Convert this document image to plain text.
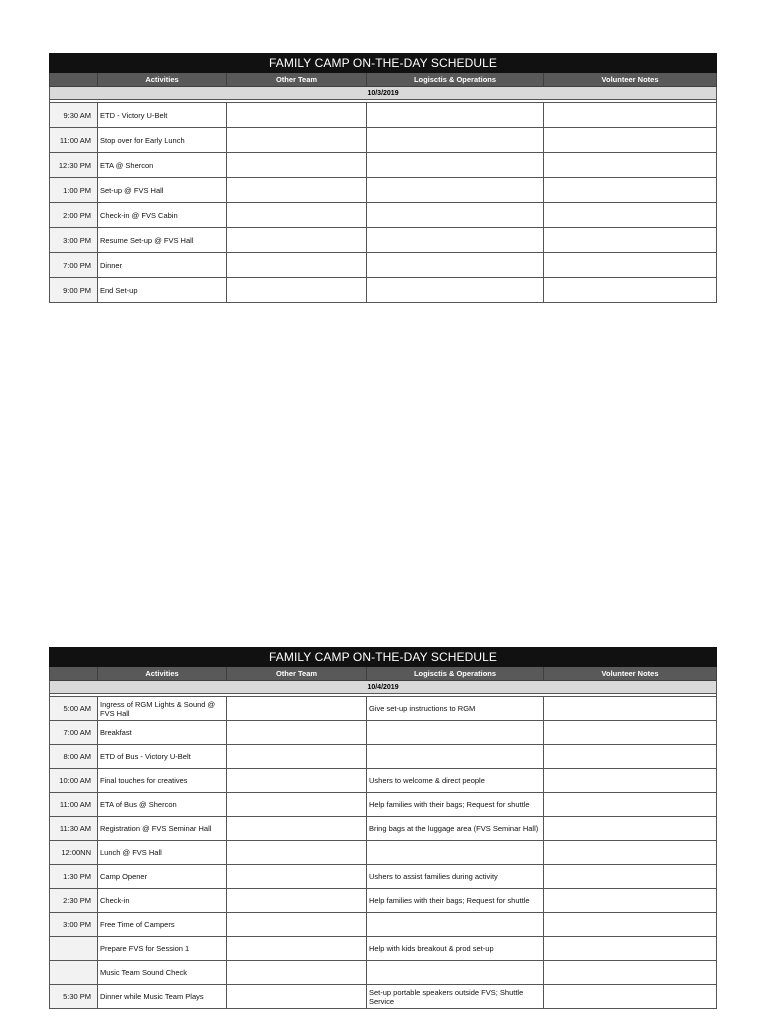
FAMILY CAMP ON-THE-DAY SCHEDULE				
	Activities	Other Team	Logisctis & Operations	Volunteer Notes
10/3/2019				

9:30 AM	ETD - Victory U-Belt			
11:00 AM	Stop over for Early Lunch			
12:30 PM	ETA @ Shercon			
1:00 PM	Set-up @ FVS Hall			
2:00 PM	Check-in @ FVS Cabin			
3:00 PM	Resume Set-up @ FVS Hall			
7:00 PM	Dinner			
9:00 PM	End Set-up			
FAMILY CAMP ON-THE-DAY SCHEDULE				
	Activities	Other Team	Logisctis & Operations	Volunteer Notes
10/4/2019				

5:00 AM	Ingress of RGM Lights & Sound @ FVS Hall		Give set-up instructions to RGM	
7:00 AM	Breakfast			
8:00 AM	ETD of Bus - Victory U-Belt			
10:00 AM	Final touches for creatives		Ushers to welcome & direct people	
11:00 AM	ETA of Bus @ Shercon		Help families with their bags; Request for shuttle	
11:30 AM	Registration @ FVS Seminar Hall		Bring bags at the luggage area (FVS Seminar Hall)	
12:00NN	Lunch @ FVS Hall			
1:30 PM	Camp Opener		Ushers to assist families during activity	
2:30 PM	Check-in		Help families with their bags; Request for shuttle	
3:00 PM	Free Time of Campers			
	Prepare FVS for Session 1		Help with kids breakout & prod set-up	
	Music Team Sound Check			
5:30 PM	Dinner while Music Team Plays		Set-up portable speakers outside FVS; Shuttle Service	
